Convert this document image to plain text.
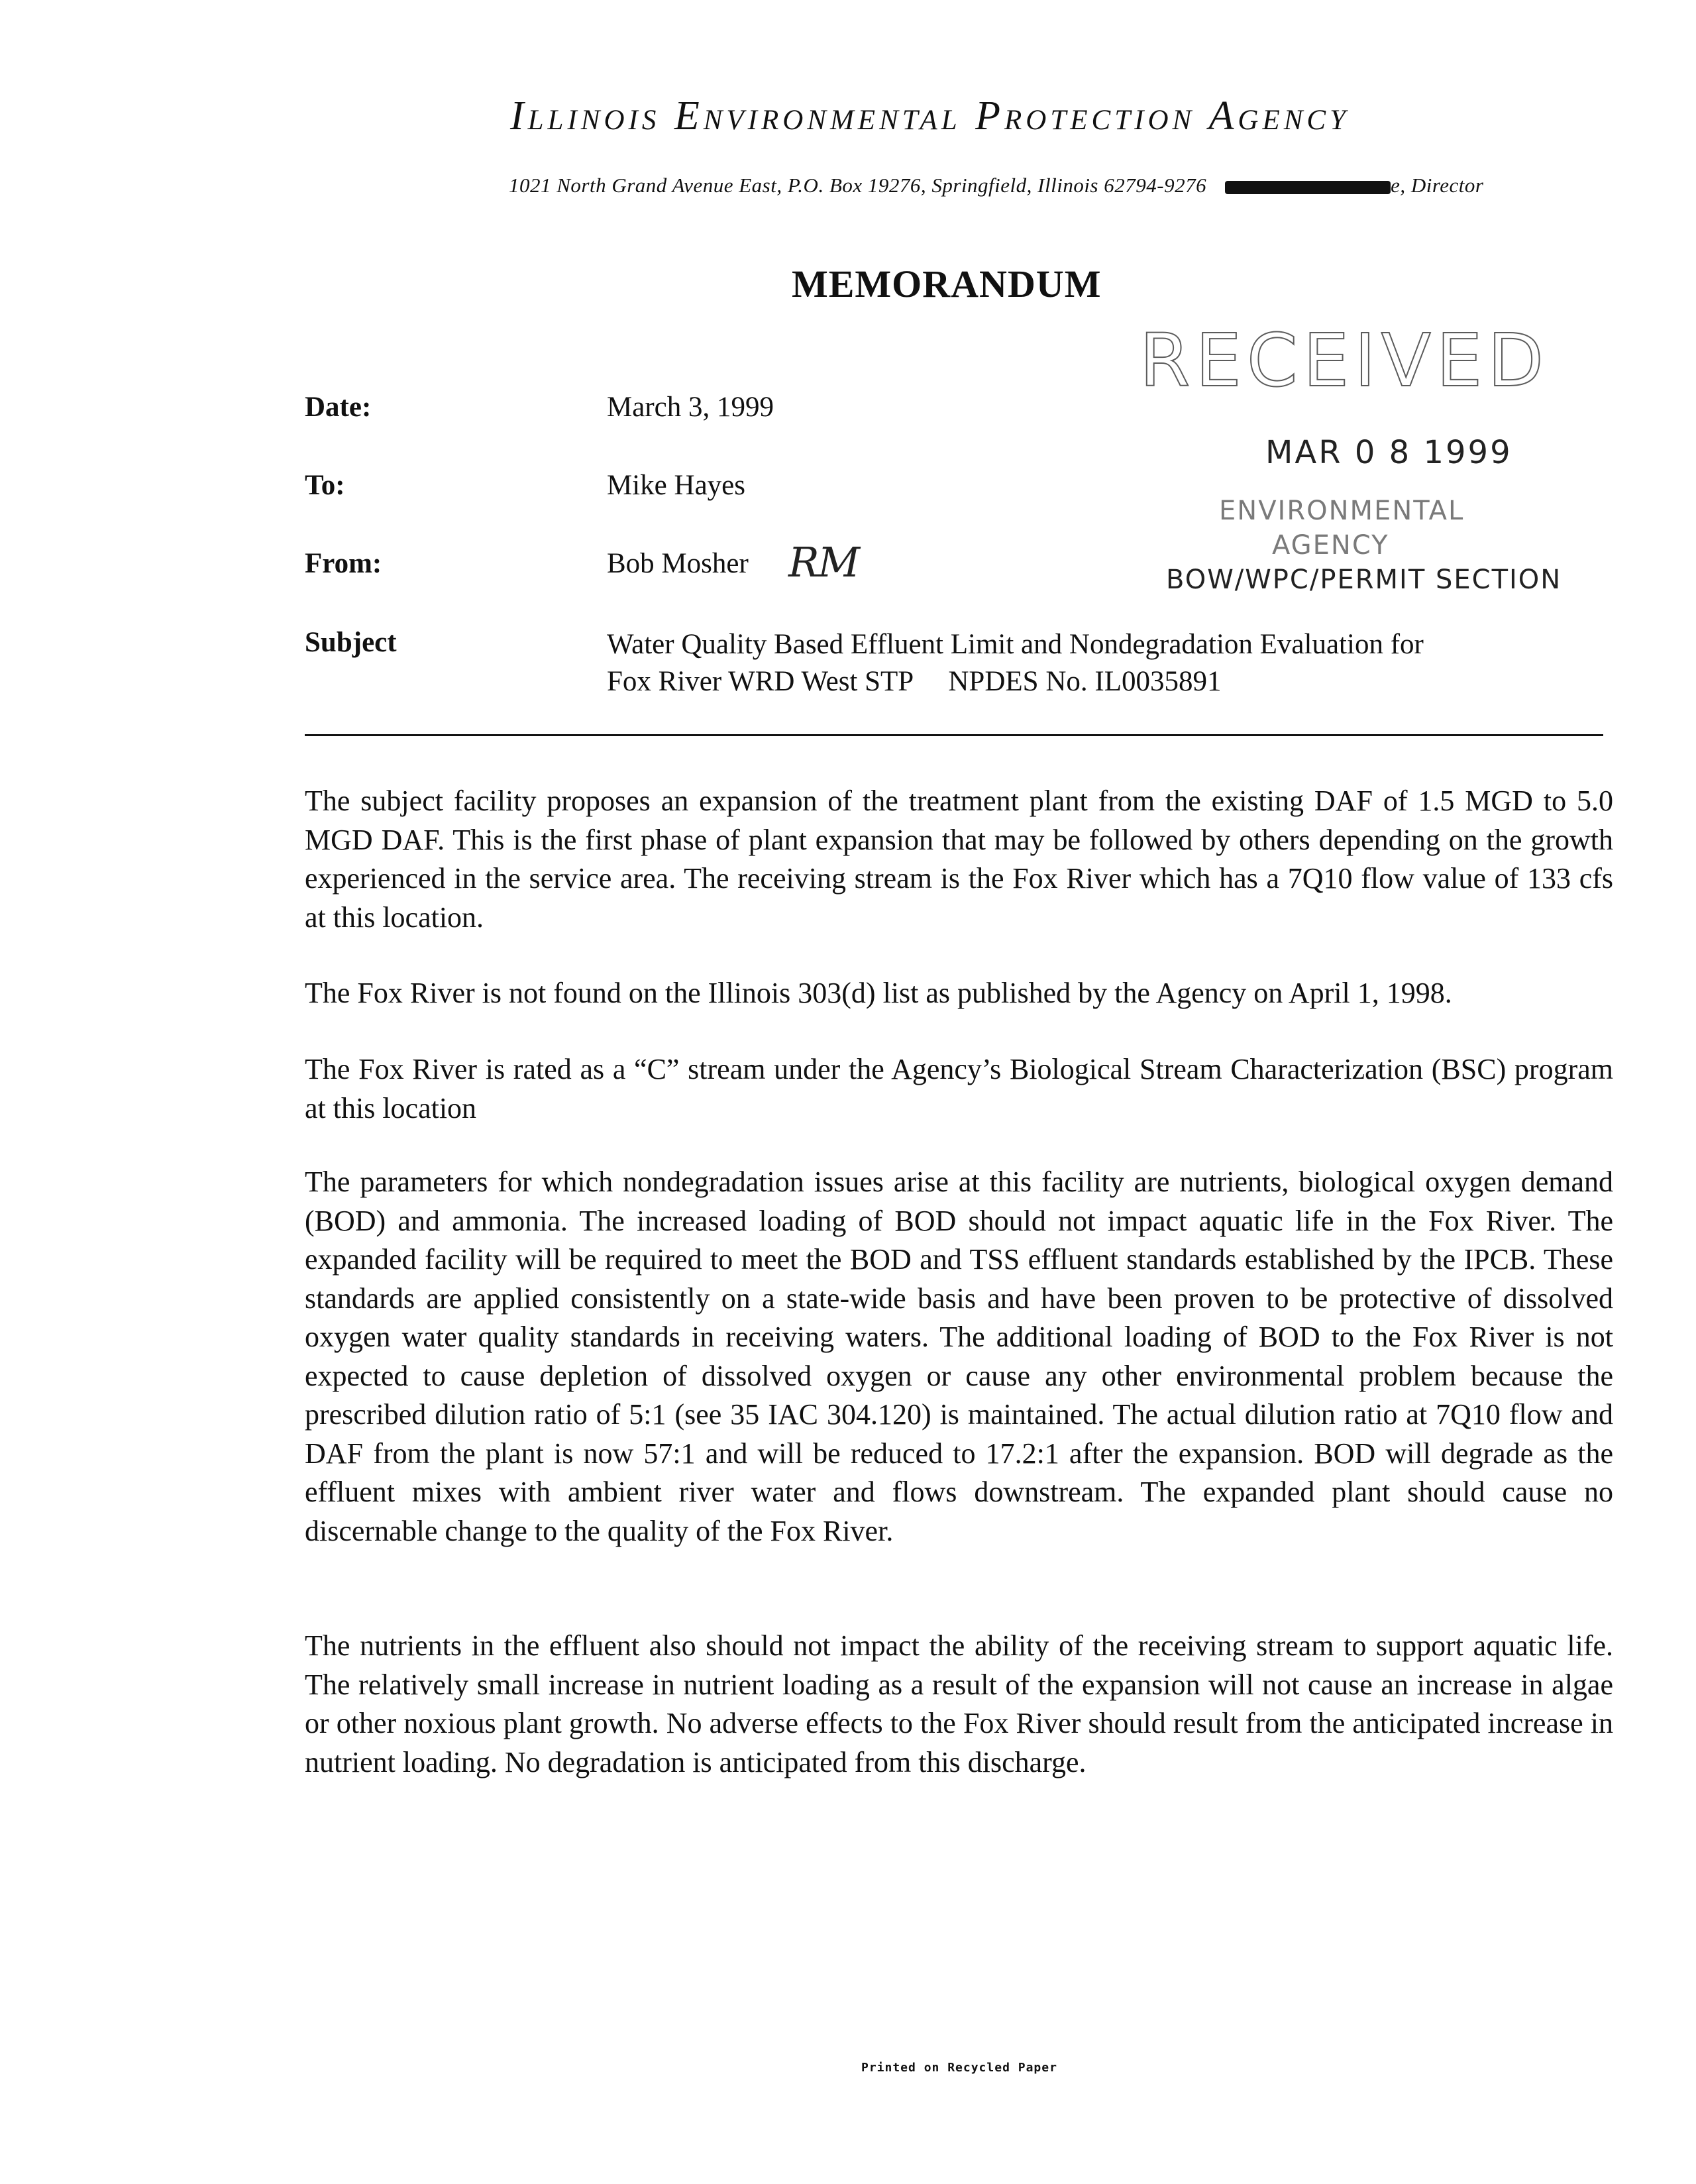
Illinois Environmental Protection Agency
1021 North Grand Avenue East, P.O. Box 19276, Springfield, Illinois 62794-9276	e, Director
MEMORANDUM
RECEIVED
MAR 0 8 1999
ENVIRONMENTAL
AGENCY
BOW/WPC/PERMIT SECTION
Date:	March 3, 1999
To:	Mike Hayes
From:	Bob Mosher RM
Subject	Water Quality Based Effluent Limit and Nondegradation Evaluation for
Fox River WRD West STP     NPDES No. IL0035891
The subject facility proposes an expansion of the treatment plant from the existing DAF of 1.5 MGD to 5.0 MGD DAF. This is the first phase of plant expansion that may be followed by others depending on the growth experienced in the service area. The receiving stream is the Fox River which has a 7Q10 flow value of 133 cfs at this location.
The Fox River is not found on the Illinois 303(d) list as published by the Agency on April 1, 1998.
The Fox River is rated as a “C” stream under the Agency’s Biological Stream Characterization (BSC) program at this location
The parameters for which nondegradation issues arise at this facility are nutrients, biological oxygen demand (BOD) and ammonia. The increased loading of BOD should not impact aquatic life in the Fox River. The expanded facility will be required to meet the BOD and TSS effluent standards established by the IPCB. These standards are applied consistently on a state-wide basis and have been proven to be protective of dissolved oxygen water quality standards in receiving waters. The additional loading of BOD to the Fox River is not expected to cause depletion of dissolved oxygen or cause any other environmental problem because the prescribed dilution ratio of 5:1 (see 35 IAC 304.120) is maintained. The actual dilution ratio at 7Q10 flow and DAF from the plant is now 57:1 and will be reduced to 17.2:1 after the expansion. BOD will degrade as the effluent mixes with ambient river water and flows downstream. The expanded plant should cause no discernable change to the quality of the Fox River.
The nutrients in the effluent also should not impact the ability of the receiving stream to support aquatic life. The relatively small increase in nutrient loading as a result of the expansion will not cause an increase in algae or other noxious plant growth. No adverse effects to the Fox River should result from the anticipated increase in nutrient loading. No degradation is anticipated from this discharge.
Printed on Recycled Paper
